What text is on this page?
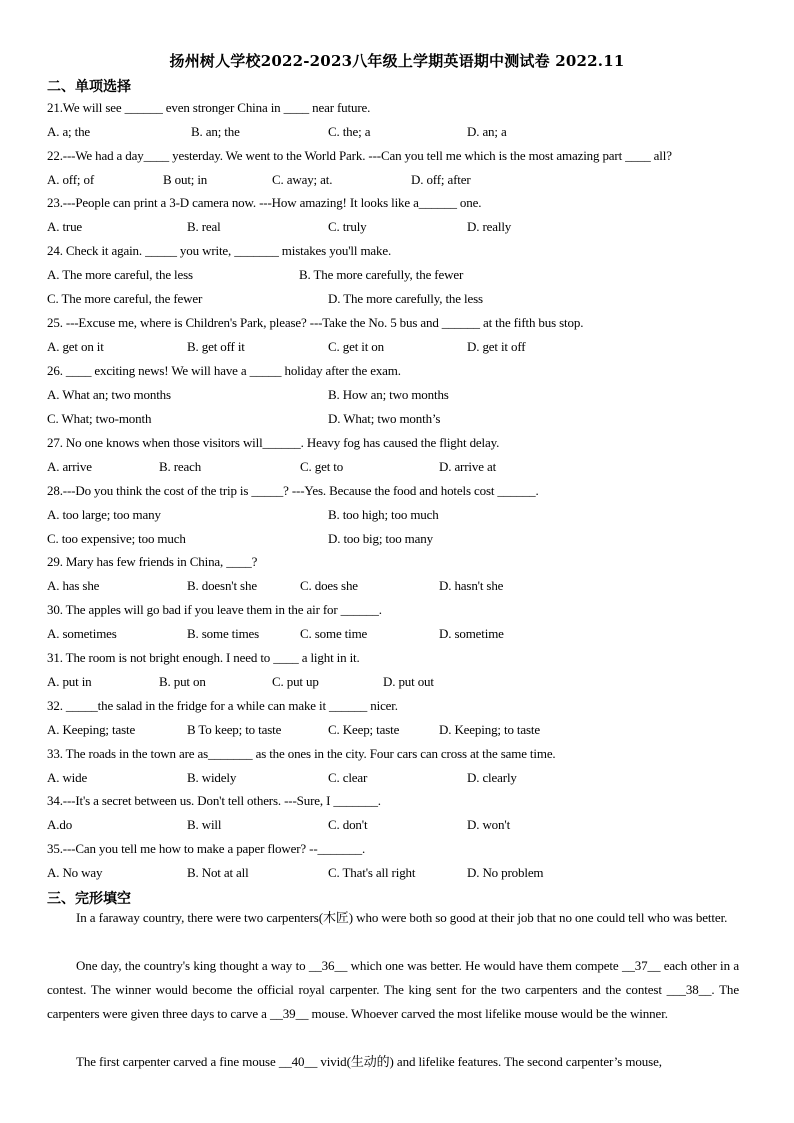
扬州树人学校2022-2023八年级上学期英语期中测试卷 2022.11
二、单项选择
21.We will see ______ even stronger China in ____ near future.
A. a; the	B. an; the	C. the; a	D. an; a
22.---We had a day____ yesterday. We went to the World Park. ---Can you tell me which is the most amazing part ____ all?
A. off; of	B out; in	C. away; at.	D. off; after
23.---People can print a 3-D camera now. ---How amazing! It looks like a______ one.
A. true	B. real	C. truly	D. really
24. Check it again. _____ you write, _______ mistakes you'll make.
A. The more careful, the less	B. The more carefully, the fewer
C. The more careful, the fewer	D. The more carefully, the less
25. ---Excuse me, where is Children's Park, please? ---Take the No. 5 bus and ______ at the fifth bus stop.
A. get on it	B. get off it	C. get it on	D. get it off
26. ____ exciting news! We will have a _____ holiday after the exam.
A. What an; two months	B. How an; two months
C. What; two-month	D. What; two month’s
27. No one knows when those visitors will______. Heavy fog has caused the flight delay.
A. arrive	B. reach	C. get to	D. arrive at
28.---Do you think the cost of the trip is _____? ---Yes. Because the food and hotels cost ______.
A. too large; too many	B. too high; too much
C. too expensive; too much	D. too big; too many
29. Mary has few friends in China, ____?
A. has she	B. doesn't she	C. does she	D. hasn't she
30. The apples will go bad if you leave them in the air for ______.
A. sometimes	B. some times	C. some time	D. sometime
31. The room is not bright enough. I need to ____ a light in it.
A. put in	B. put on	C. put up	D. put out
32. _____the salad in the fridge for a while can make it ______ nicer.
A. Keeping; taste	B To keep; to taste	C. Keep; taste	D. Keeping; to taste
33. The roads in the town are as_______ as the ones in the city. Four cars can cross at the same time.
A. wide	B. widely	C. clear	D. clearly
34.---It's a secret between us. Don't tell others. ---Sure, I _______.
A.do	B. will	C. don't	D. won't
35.---Can you tell me how to make a paper flower? --_______.
A. No way	B. Not at all	C. That's all right	D. No problem
三、完形填空
In a faraway country, there were two carpenters(木匠) who were both so good at their job that no one could tell who was better.
One day, the country's king thought a way to __36__ which one was better. He would have them compete __37__ each other in a contest. The winner would become the official royal carpenter. The king sent for the two carpenters and the contest ___38__. The carpenters were given three days to carve a __39__ mouse. Whoever carved the most lifelike mouse would be the winner.
The first carpenter carved a fine mouse __40__ vivid(生动的) and lifelike features. The second carpenter’s mouse,
